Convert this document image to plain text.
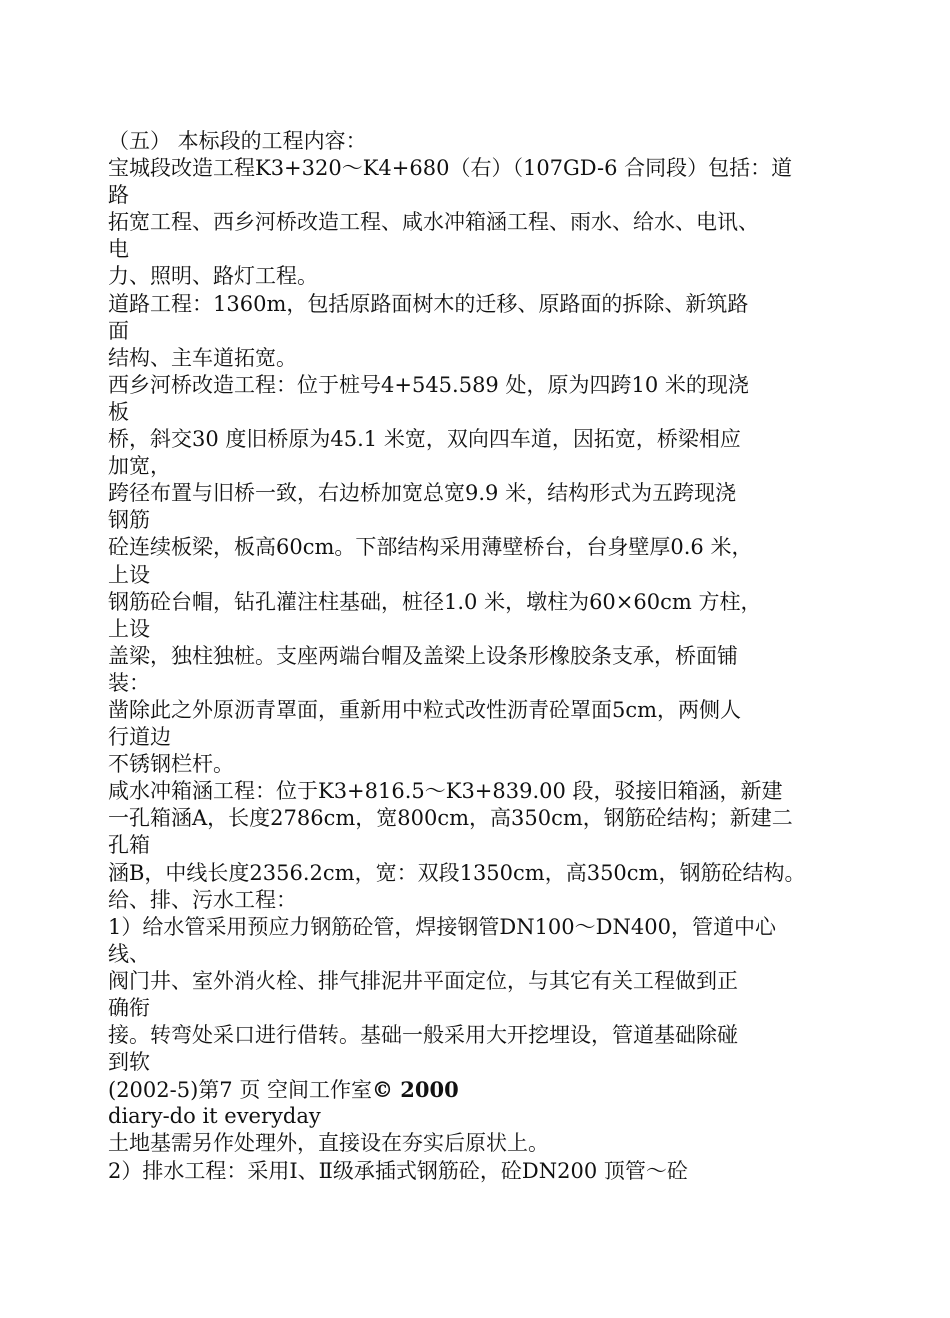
（五） 本标段的工程内容：
宝城段改造工程K3+320～K4+680（右）（107GD-6 合同段）包括：道
路
拓宽工程、西乡河桥改造工程、咸水冲箱涵工程、雨水、给水、电讯、
电
力、照明、路灯工程。
道路工程：1360m，包括原路面树木的迁移、原路面的拆除、新筑路
面
结构、主车道拓宽。
西乡河桥改造工程：位于桩号4+545.589 处，原为四跨10 米的现浇
板
桥，斜交30 度旧桥原为45.1 米宽，双向四车道，因拓宽，桥梁相应
加宽，
跨径布置与旧桥一致，右边桥加宽总宽9.9 米，结构形式为五跨现浇
钢筋
砼连续板梁，板高60cm。下部结构采用薄壁桥台，台身壁厚0.6 米，
上设
钢筋砼台帽，钻孔灌注柱基础，桩径1.0 米，墩柱为60×60cm 方柱，
上设
盖梁，独柱独桩。支座两端台帽及盖梁上设条形橡胶条支承，桥面铺
装：
凿除此之外原沥青罩面，重新用中粒式改性沥青砼罩面5cm，两侧人
行道边
不锈钢栏杆。
咸水冲箱涵工程：位于K3+816.5～K3+839.00 段，驳接旧箱涵，新建
一孔箱涵A，长度2786cm，宽800cm，高350cm，钢筋砼结构；新建二
孔箱
涵B，中线长度2356.2cm，宽：双段1350cm，高350cm，钢筋砼结构。
给、排、污水工程：
1）给水管采用预应力钢筋砼管，焊接钢管DN100～DN400，管道中心
线、
阀门井、室外消火栓、排气排泥井平面定位，与其它有关工程做到正
确衔
接。转弯处采口进行借转。基础一般采用大开挖埋设，管道基础除碰
到软
(2002-5)第7 页 空间工作室© 2000
diary-do it everyday
土地基需另作处理外，直接设在夯实后原状上。
2）排水工程：采用Ⅰ、Ⅱ级承插式钢筋砼，砼DN200 顶管～砼
